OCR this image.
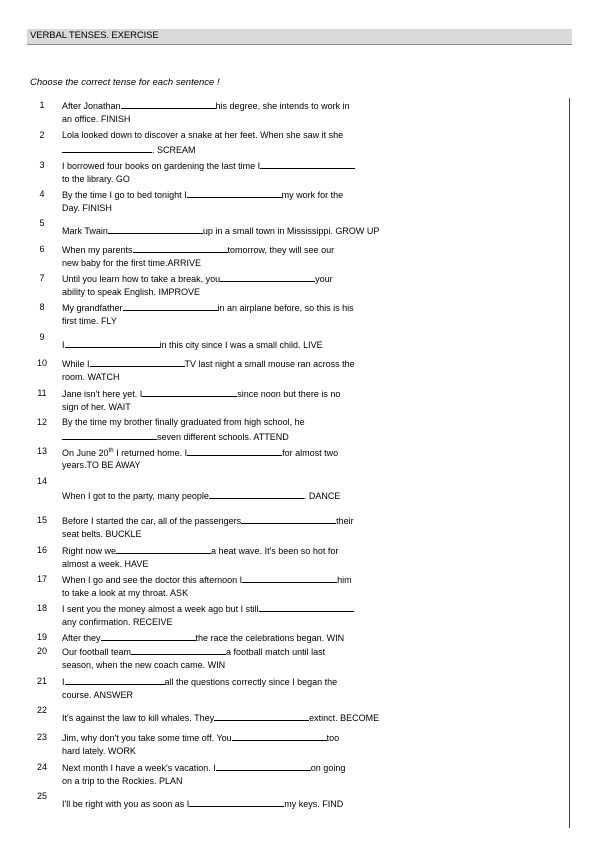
VERBAL TENSES. EXERCISE
Choose the correct tense for each sentence !
1	After Jonathan	his degree, she intends to work in
an office. FINISH
2	Lola looked down to discover a snake at her feet. When she saw it she
. SCREAM
3	I borrowed four books on gardening the last time I
to the library. GO
4	By the time I go to bed tonight I	my work for the
Day. FINISH
5
Mark Twain	up in a small town in Mississippi. GROW UP
6	When my parents	tomorrow, they will see our
new baby for the first time.ARRIVE
7	Until you learn how to take a break, you	your
ability to speak English. IMPROVE
8	My grandfather	in an airplane before, so this is his
first time. FLY
9
I	in this city since I was a small child. LIVE
10 While I	TV last night a small mouse ran across the
room. WATCH
11 Jane isn't here yet. I	since noon but there is no
sign of her. WAIT
12 By the time my brother finally graduated from high school, he
seven different schools. ATTEND
13 On June 20th I returned home. I	for almost two
years.TO BE AWAY
14
When I got to the party, many people	. DANCE
15 Before I started the car, all of the passengers	their
seat belts. BUCKLE
16 Right now we	a heat wave. It's been so hot for
almost a week. HAVE
17 When I go and see the doctor this afternoon I	him
to take a look at my throat. ASK
18 I sent you the money almost a week ago but I still
any confirmation. RECEIVE
19 After they	the race the celebrations began. WIN
20 Our football team	a football match until last
season, when the new coach came. WIN
21 I	all the questions correctly since I began the
course. ANSWER
22
It's against the law to kill whales. They	extinct. BECOME
23 Jim, why don't you take some time off. You	too
hard lately. WORK
24 Next month I have a week's vacation. I	on going
on a trip to the Rockies. PLAN
25
I'll be right with you as soon as I	my keys. FIND
